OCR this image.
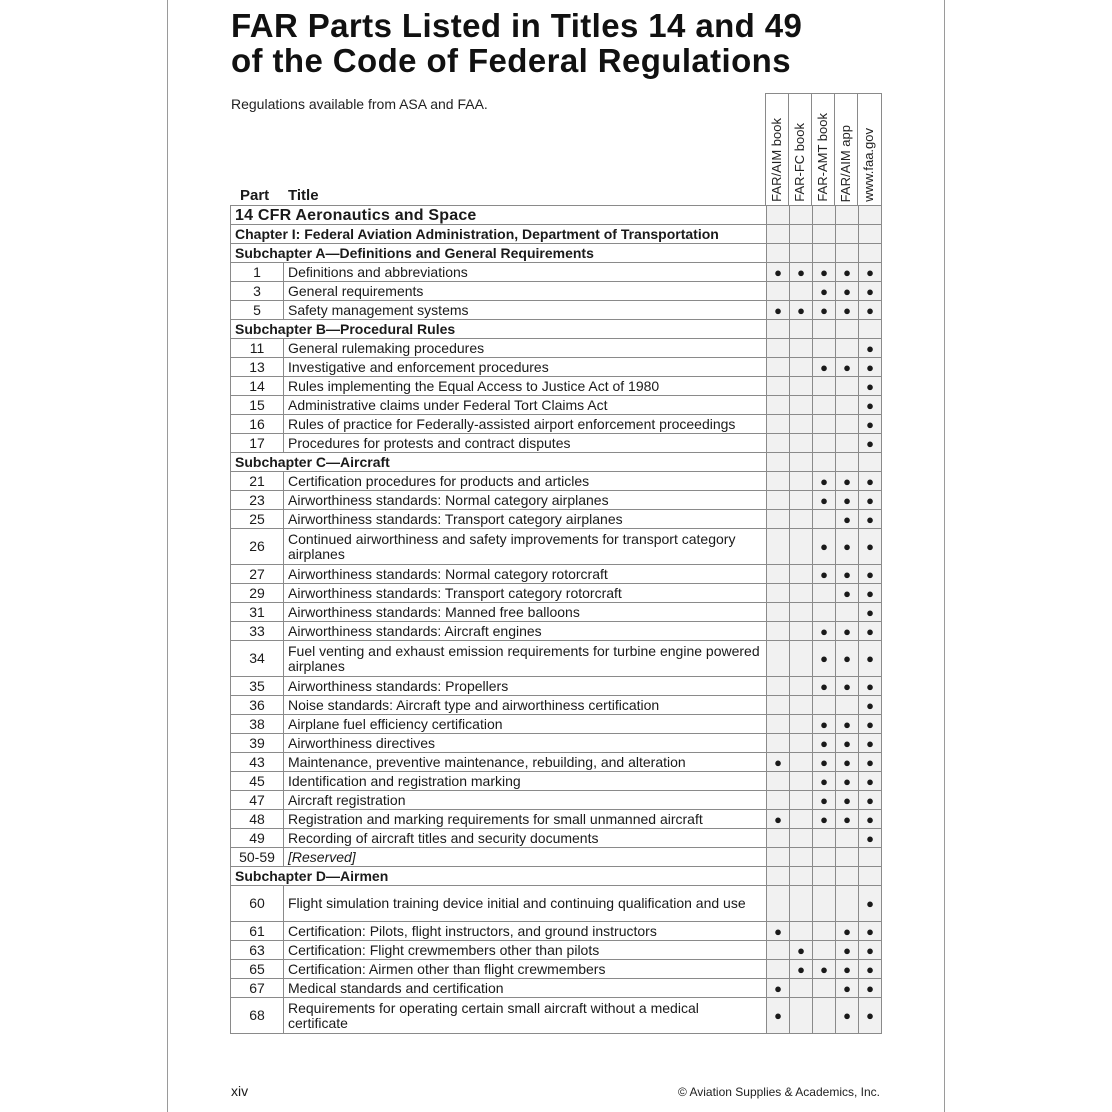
FAR Parts Listed in Titles 14 and 49
of the Code of Federal Regulations
Regulations available from ASA and FAA.
Part Title	FAR/AIM book FAR-FC book FAR-AMT book FAR/AIM app www.faa.gov
14 CFR Aeronautics and Space						
Chapter I: Federal Aviation Administration, Department of Transportation						
Subchapter A—Definitions and General Requirements						
1	Definitions and abbreviations	●	●	●	●	●
3	General requirements			●	●	●
5	Safety management systems	●	●	●	●	●
Subchapter B—Procedural Rules						
11	General rulemaking procedures					●
13	Investigative and enforcement procedures			●	●	●
14	Rules implementing the Equal Access to Justice Act of 1980					●
15	Administrative claims under Federal Tort Claims Act					●
16	Rules of practice for Federally-assisted airport enforcement proceedings					●
17	Procedures for protests and contract disputes					●
Subchapter C—Aircraft						
21	Certification procedures for products and articles			●	●	●
23	Airworthiness standards: Normal category airplanes			●	●	●
25	Airworthiness standards: Transport category airplanes				●	●
26	Continued airworthiness and safety improvements for transport category airplanes			●	●	●
27	Airworthiness standards: Normal category rotorcraft			●	●	●
29	Airworthiness standards: Transport category rotorcraft				●	●
31	Airworthiness standards: Manned free balloons					●
33	Airworthiness standards: Aircraft engines			●	●	●
34	Fuel venting and exhaust emission requirements for turbine engine powered airplanes			●	●	●
35	Airworthiness standards: Propellers			●	●	●
36	Noise standards: Aircraft type and airworthiness certification					●
38	Airplane fuel efficiency certification			●	●	●
39	Airworthiness directives			●	●	●
43	Maintenance, preventive maintenance, rebuilding, and alteration	●		●	●	●
45	Identification and registration marking			●	●	●
47	Aircraft registration			●	●	●
48	Registration and marking requirements for small unmanned aircraft	●		●	●	●
49	Recording of aircraft titles and security documents					●
50-59	[Reserved]					
Subchapter D—Airmen						
60	Flight simulation training device initial and continuing qualification and use					●
61	Certification: Pilots, flight instructors, and ground instructors	●			●	●
63	Certification: Flight crewmembers other than pilots		●		●	●
65	Certification: Airmen other than flight crewmembers		●	●	●	●
67	Medical standards and certification	●			●	●
68	Requirements for operating certain small aircraft without a medical certificate	●			●	●
xiv	© Aviation Supplies & Academics, Inc.
